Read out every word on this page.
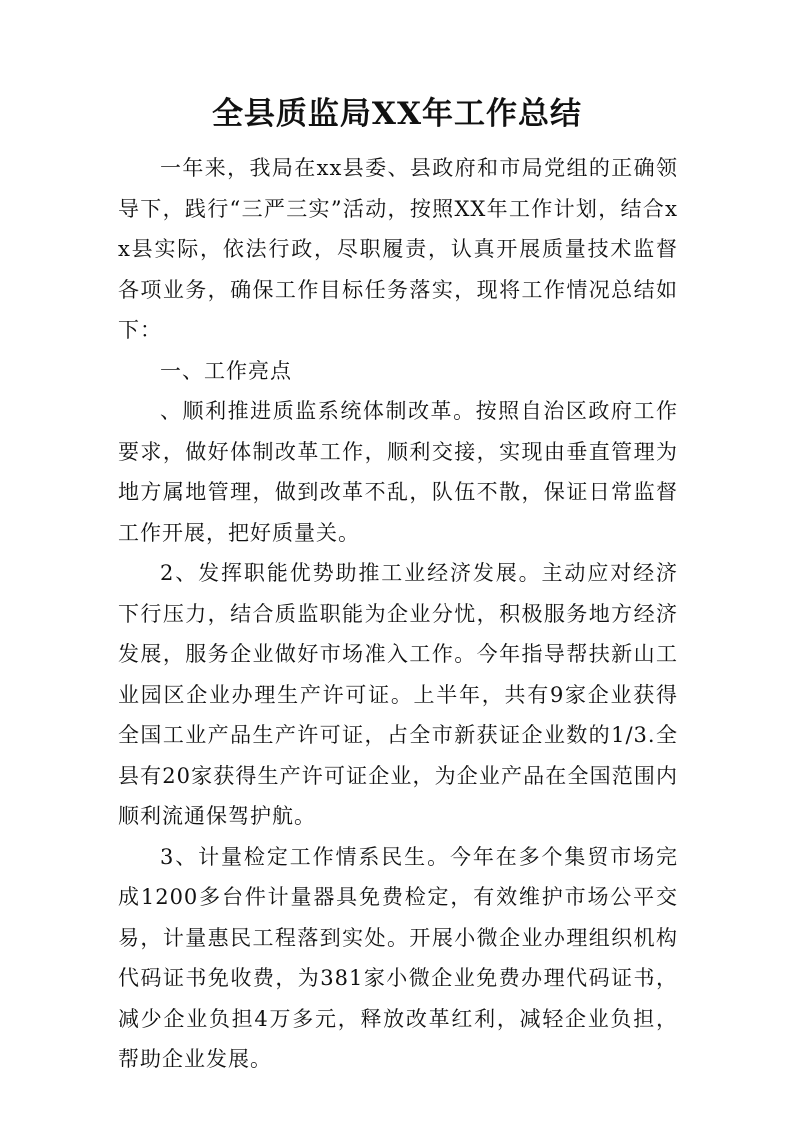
全县质监局XX年工作总结

一年来，我局在xx县委、县政府和市局党组的正确领导下，践行“三严三实”活动，按照XX年工作计划，结合xx县实际，依法行政，尽职履责，认真开展质量技术监督各项业务，确保工作目标任务落实，现将工作情况总结如下：

一、工作亮点

、顺利推进质监系统体制改革。按照自治区政府工作要求，做好体制改革工作，顺利交接，实现由垂直管理为地方属地管理，做到改革不乱，队伍不散，保证日常监督工作开展，把好质量关。

2、发挥职能优势助推工业经济发展。主动应对经济下行压力，结合质监职能为企业分忧，积极服务地方经济发展，服务企业做好市场准入工作。今年指导帮扶新山工业园区企业办理生产许可证。上半年，共有9家企业获得全国工业产品生产许可证，占全市新获证企业数的1/3.全县有20家获得生产许可证企业，为企业产品在全国范围内顺利流通保驾护航。

3、计量检定工作情系民生。今年在多个集贸市场完成1200多台件计量器具免费检定，有效维护市场公平交易，计量惠民工程落到实处。开展小微企业办理组织机构代码证书免收费，为381家小微企业免费办理代码证书，减少企业负担4万多元，释放改革红利，减轻企业负担，帮助企业发展。
